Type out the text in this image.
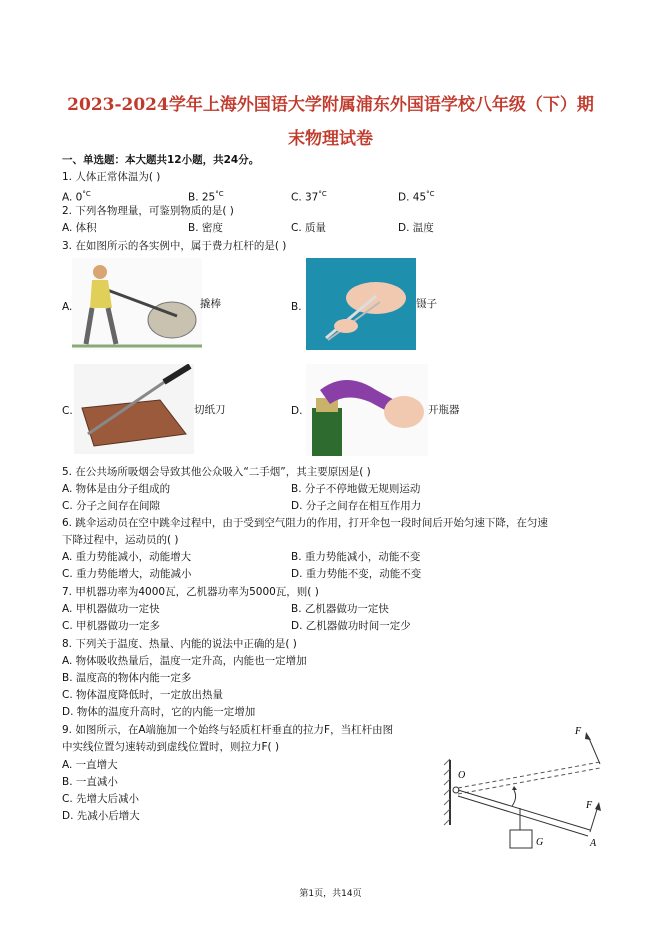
2023-2024学年上海外国语大学附属浦东外国语学校八年级（下）期
末物理试卷
一、单选题：本大题共12小题，共24分。
1. 人体正常体温为( )
A. $0^{^\circ C}$	B. $25^{^\circ C}$	C. $37^{^\circ C}$	D. $45^{^\circ C}$
2. 下列各物理量，可鉴别物质的是( )
A. 体积	B. 密度	C. 质量	D. 温度
3. 在如图所示的各实例中，属于费力杠杆的是( )
A.	撬棒	B.	镊子
C.	切纸刀	D.	开瓶器
5. 在公共场所吸烟会导致其他公众吸入“二手烟”，其主要原因是( )
A. 物体是由分子组成的	B. 分子不停地做无规则运动
C. 分子之间存在间隙	D. 分子之间存在相互作用力
6. 跳伞运动员在空中跳伞过程中，由于受到空气阻力的作用，打开伞包一段时间后开始匀速下降，在匀速
下降过程中，运动员的( )
A. 重力势能减小，动能增大	B. 重力势能减小，动能不变
C. 重力势能增大，动能减小	D. 重力势能不变，动能不变
7. 甲机器功率为4000瓦，乙机器功率为5000瓦，则( )
A. 甲机器做功一定快	B. 乙机器做功一定快
C. 甲机器做功一定多	D. 乙机器做功时间一定少
8. 下列关于温度、热量、内能的说法中正确的是( )
A. 物体吸收热量后，温度一定升高，内能也一定增加
B. 温度高的物体内能一定多
C. 物体温度降低时，一定放出热量
D. 物体的温度升高时，它的内能一定增加
9. 如图所示，在A端施加一个始终与轻质杠杆垂直的拉力F，当杠杆由图
中实线位置匀速转动到虚线位置时，则拉力F( )
A. 一直增大
B. 一直减小
C. 先增大后减小
D. 先减小后增大
F
O
F
A
G
第1页，共14页
